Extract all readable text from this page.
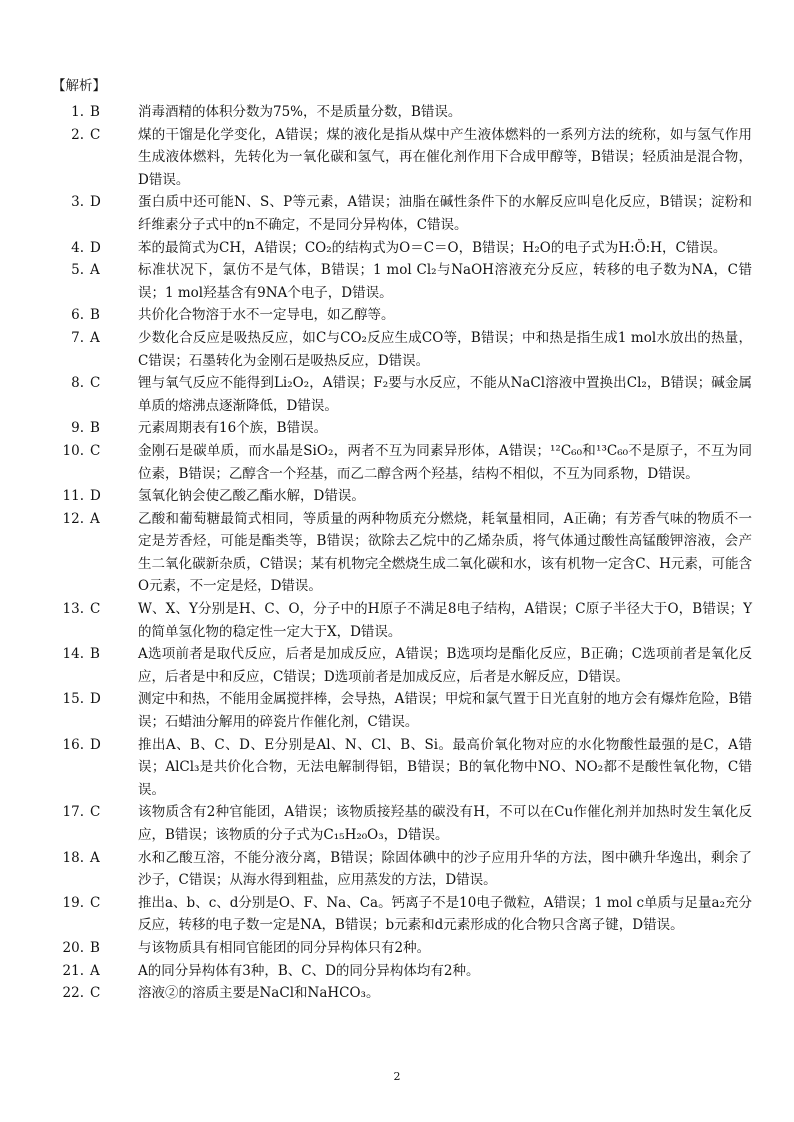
【解析】
1. B	消毒酒精的体积分数为75%，不是质量分数，B错误。
2. C	煤的干馏是化学变化，A错误；煤的液化是指从煤中产生液体燃料的一系列方法的统称，如与氢气作用生成液体燃料，先转化为一氧化碳和氢气，再在催化剂作用下合成甲醇等，B错误；轻质油是混合物，D错误。
3. D	蛋白质中还可能N、S、P等元素，A错误；油脂在碱性条件下的水解反应叫皂化反应，B错误；淀粉和纤维素分子式中的n不确定，不是同分异构体，C错误。
4. D	苯的最简式为CH，A错误；CO₂的结构式为O＝C＝O，B错误；H₂O的电子式为H:Ö:H，C错误。
5. A	标准状况下，氯仿不是气体，B错误；1 mol Cl₂与NaOH溶液充分反应，转移的电子数为NA，C错误；1 mol羟基含有9NA个电子，D错误。
6. B	共价化合物溶于水不一定导电，如乙醇等。
7. A	少数化合反应是吸热反应，如C与CO₂反应生成CO等，B错误；中和热是指生成1 mol水放出的热量，C错误；石墨转化为金刚石是吸热反应，D错误。
8. C	锂与氧气反应不能得到Li₂O₂，A错误；F₂要与水反应，不能从NaCl溶液中置换出Cl₂，B错误；碱金属单质的熔沸点逐渐降低，D错误。
9. B	元素周期表有16个族，B错误。
10. C	金刚石是碳单质，而水晶是SiO₂，两者不互为同素异形体，A错误；¹²C₆₀和¹³C₆₀不是原子，不互为同位素，B错误；乙醇含一个羟基，而乙二醇含两个羟基，结构不相似，不互为同系物，D错误。
11. D	氢氧化钠会使乙酸乙酯水解，D错误。
12. A	乙酸和葡萄糖最简式相同，等质量的两种物质充分燃烧，耗氧量相同，A正确；有芳香气味的物质不一定是芳香烃，可能是酯类等，B错误；欲除去乙烷中的乙烯杂质，将气体通过酸性高锰酸钾溶液，会产生二氧化碳新杂质，C错误；某有机物完全燃烧生成二氧化碳和水，该有机物一定含C、H元素，可能含O元素，不一定是烃，D错误。
13. C	W、X、Y分别是H、C、O，分子中的H原子不满足8电子结构，A错误；C原子半径大于O，B错误；Y的简单氢化物的稳定性一定大于X，D错误。
14. B	A选项前者是取代反应，后者是加成反应，A错误；B选项均是酯化反应，B正确；C选项前者是氧化反应，后者是中和反应，C错误；D选项前者是加成反应，后者是水解反应，D错误。
15. D	测定中和热，不能用金属搅拌棒，会导热，A错误；甲烷和氯气置于日光直射的地方会有爆炸危险，B错误；石蜡油分解用的碎瓷片作催化剂，C错误。
16. D	推出A、B、C、D、E分别是Al、N、Cl、B、Si。最高价氧化物对应的水化物酸性最强的是C，A错误；AlCl₃是共价化合物，无法电解制得铝，B错误；B的氧化物中NO、NO₂都不是酸性氧化物，C错误。
17. C	该物质含有2种官能团，A错误；该物质接羟基的碳没有H，不可以在Cu作催化剂并加热时发生氧化反应，B错误；该物质的分子式为C₁₅H₂₀O₃，D错误。
18. A	水和乙酸互溶，不能分液分离，B错误；除固体碘中的沙子应用升华的方法，图中碘升华逸出，剩余了沙子，C错误；从海水得到粗盐，应用蒸发的方法，D错误。
19. C	推出a、b、c、d分别是O、F、Na、Ca。钙离子不是10电子微粒，A错误；1 mol c单质与足量a₂充分反应，转移的电子数一定是NA，B错误；b元素和d元素形成的化合物只含离子键，D错误。
20. B	与该物质具有相同官能团的同分异构体只有2种。
21. A	A的同分异构体有3种，B、C、D的同分异构体均有2种。
22. C	溶液②的溶质主要是NaCl和NaHCO₃。
2
